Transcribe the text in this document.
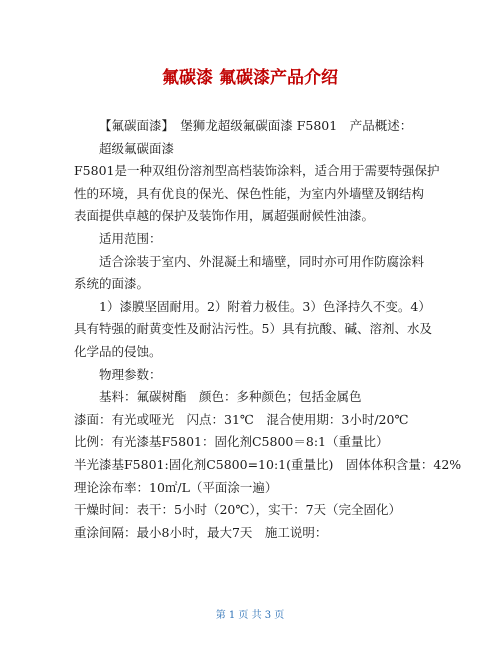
氟碳漆 氟碳漆产品介绍
【氟碳面漆】　堡狮龙超级氟碳面漆 F5801　产品概述：
超级氟碳面漆
F5801是一种双组份溶剂型高档装饰涂料，适合用于需要特强保护
性的环境，具有优良的保光、保色性能，为室内外墙壁及钢结构
表面提供卓越的保护及装饰作用，属超强耐候性油漆。
适用范围：
适合涂装于室内、外混凝土和墙壁，同时亦可用作防腐涂料
系统的面漆。
1）漆膜坚固耐用。2）附着力极佳。3）色泽持久不变。4）
具有特强的耐黄变性及耐沾污性。5）具有抗酸、碱、溶剂、水及
化学品的侵蚀。
物理参数：
基料：氟碳树酯　颜色：多种颜色；包括金属色
漆面：有光或哑光　闪点：31℃　混合使用期：3小时/20℃
比例：有光漆基F5801：固化剂C5800＝8:1（重量比）
半光漆基F5801:固化剂C5800=10:1(重量比)　固体体积含量：42%
理论涂布率：10㎡/L（平面涂一遍）
干燥时间：表干：5小时（20℃），实干：7天（完全固化）
重涂间隔：最小8小时，最大7天　施工说明：
第 1 页 共 3 页
